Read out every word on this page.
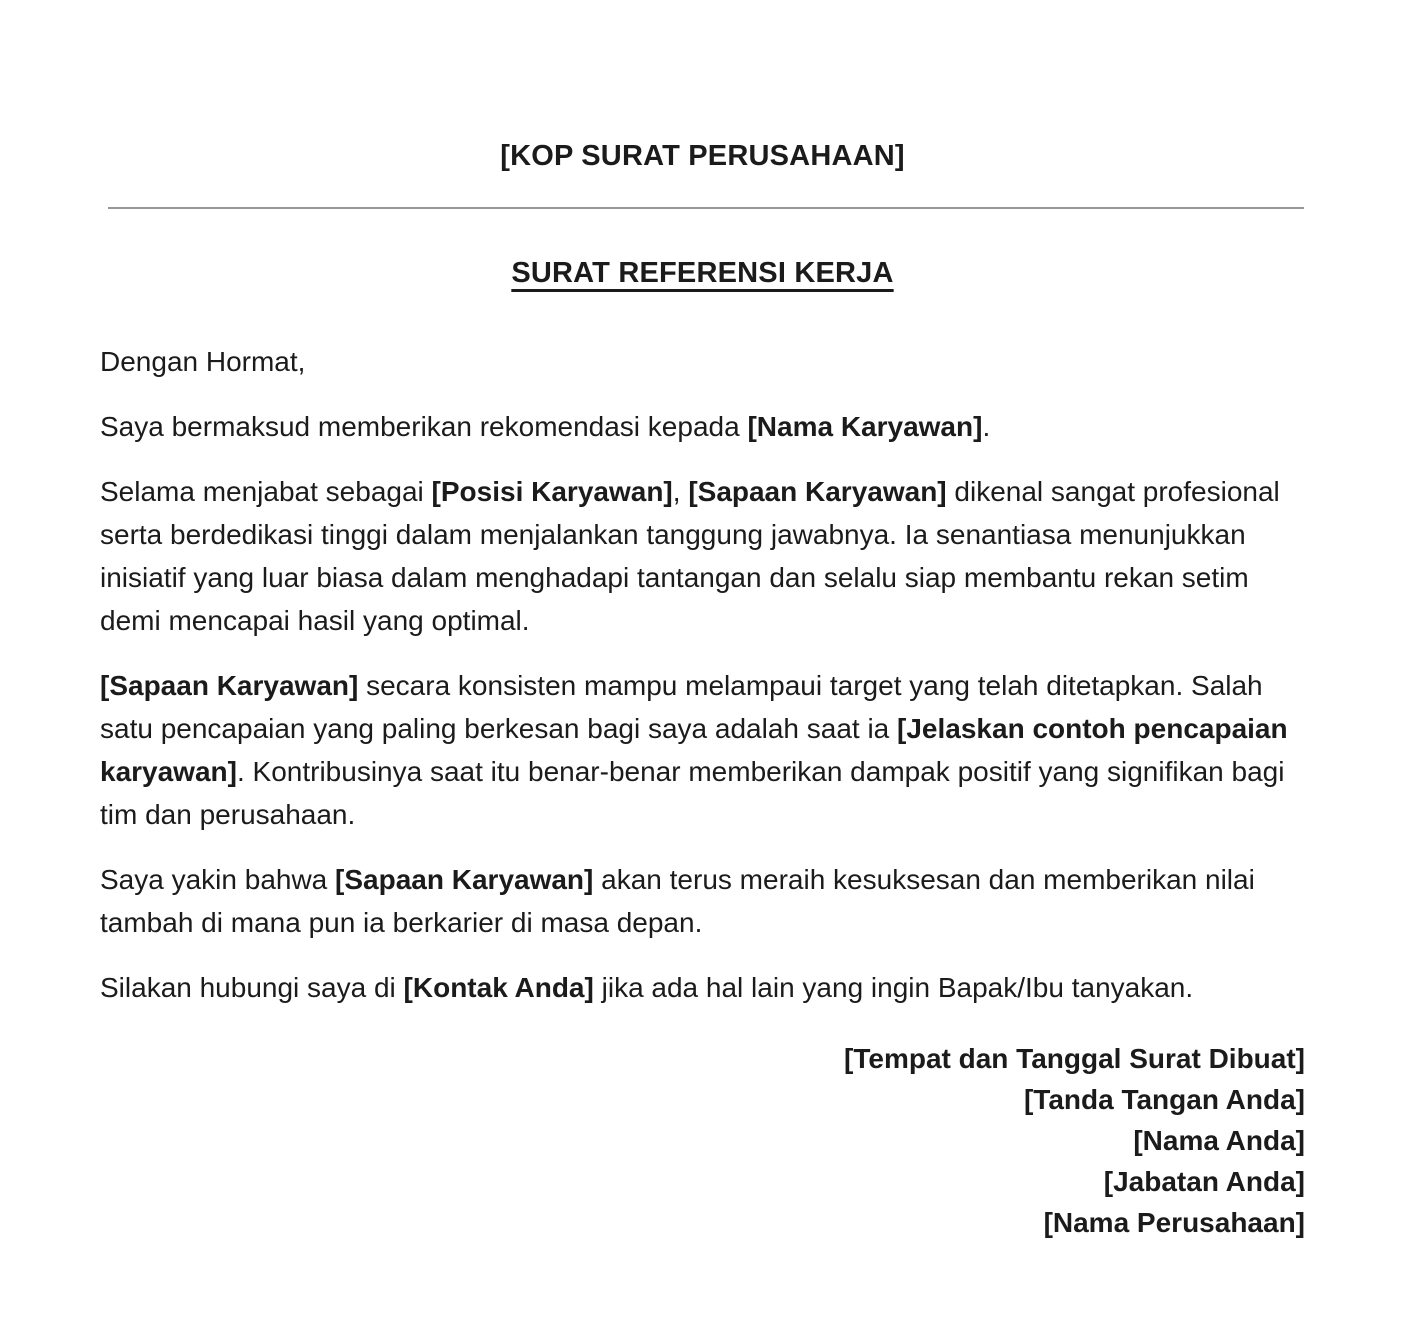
[KOP SURAT PERUSAHAAN]
SURAT REFERENSI KERJA

Dengan Hormat,

Saya bermaksud memberikan rekomendasi kepada [Nama Karyawan].

Selama menjabat sebagai [Posisi Karyawan], [Sapaan Karyawan] dikenal sangat profesional serta berdedikasi tinggi dalam menjalankan tanggung jawabnya. Ia senantiasa menunjukkan inisiatif yang luar biasa dalam menghadapi tantangan dan selalu siap membantu rekan setim demi mencapai hasil yang optimal.

[Sapaan Karyawan] secara konsisten mampu melampaui target yang telah ditetapkan. Salah satu pencapaian yang paling berkesan bagi saya adalah saat ia [Jelaskan contoh pencapaian karyawan]. Kontribusinya saat itu benar-benar memberikan dampak positif yang signifikan bagi tim dan perusahaan.

Saya yakin bahwa [Sapaan Karyawan] akan terus meraih kesuksesan dan memberikan nilai tambah di mana pun ia berkarier di masa depan.

Silakan hubungi saya di [Kontak Anda] jika ada hal lain yang ingin Bapak/Ibu tanyakan.

[Tempat dan Tanggal Surat Dibuat]
[Tanda Tangan Anda]
[Nama Anda]
[Jabatan Anda]
[Nama Perusahaan]
